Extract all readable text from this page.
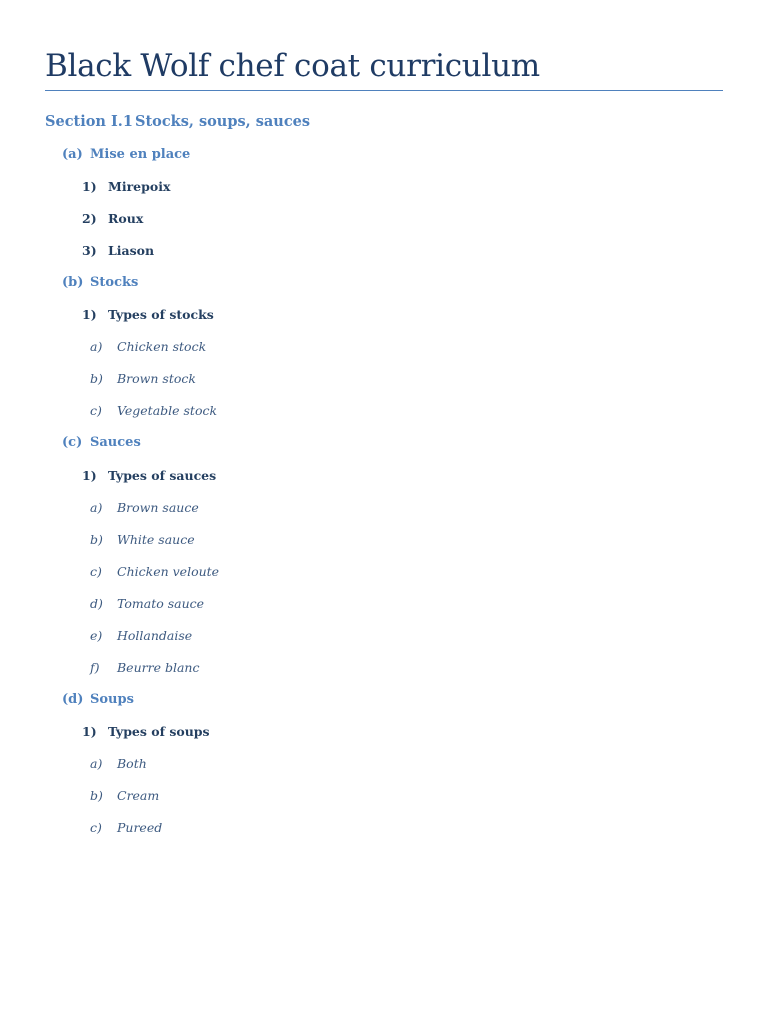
Black Wolf chef coat curriculum
Section I.1 Stocks, soups, sauces
(a) Mise en place
1) Mirepoix
2) Roux
3) Liason
(b) Stocks
1) Types of stocks
a) Chicken stock
b) Brown stock
c) Vegetable stock
(c) Sauces
1) Types of sauces
a) Brown sauce
b) White sauce
c) Chicken veloute
d) Tomato sauce
e) Hollandaise
f) Beurre blanc
(d) Soups
1) Types of soups
a) Both
b) Cream
c) Pureed
